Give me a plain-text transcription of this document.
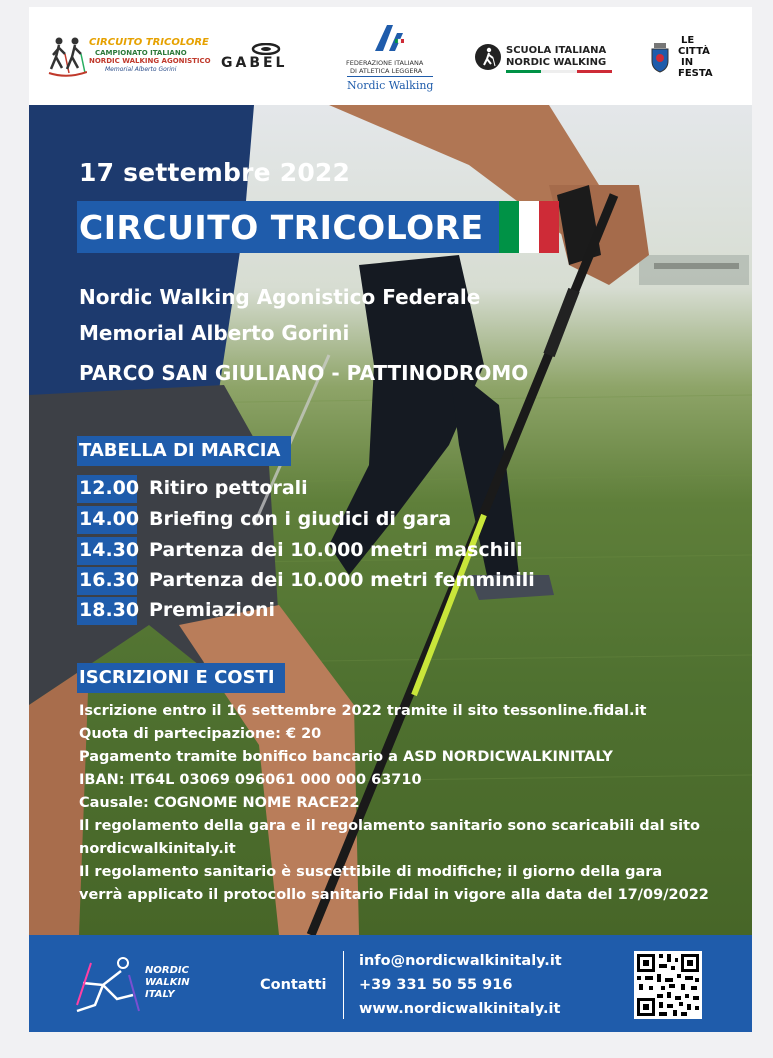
CIRCUITO TRICOLORE
CAMPIONATO ITALIANO
NORDIC WALKING AGONISTICO
Memorial Alberto Gorini	GABEL	FEDERAZIONE ITALIANA
DI ATLETICA LEGGERA
Nordic Walking
SCUOLA ITALIANA
NORDIC WALKING
LE
CITTÀ
IN
FESTA
17 settembre 2022
CIRCUITO TRICOLORE
Nordic Walking Agonistico Federale
Memorial Alberto Gorini
PARCO SAN GIULIANO - PATTINODROMO
TABELLA DI MARCIA
12.00 Ritiro pettorali
14.00 Briefing con i giudici di gara
14.30 Partenza dei 10.000 metri maschili
16.30 Partenza dei 10.000 metri femminili
18.30 Premiazioni
ISCRIZIONI E COSTI
Iscrizione entro il 16 settembre 2022 tramite il sito tessonline.fidal.it
Quota di partecipazione: € 20
Pagamento tramite bonifico bancario a ASD NORDICWALKINITALY
IBAN: IT64L 03069 096061 000 000 63710
Causale: COGNOME NOME RACE22
Il regolamento della gara e il regolamento sanitario sono scaricabili dal sito
nordicwalkinitaly.it
Il regolamento sanitario è suscettibile di modifiche; il giorno della gara
verrà applicato il protocollo sanitario Fidal in vigore alla data del 17/09/2022
NORDIC
WALKIN
ITALY
Contatti
info@nordicwalkinitaly.it
+39 331 50 55 916
www.nordicwalkinitaly.it
